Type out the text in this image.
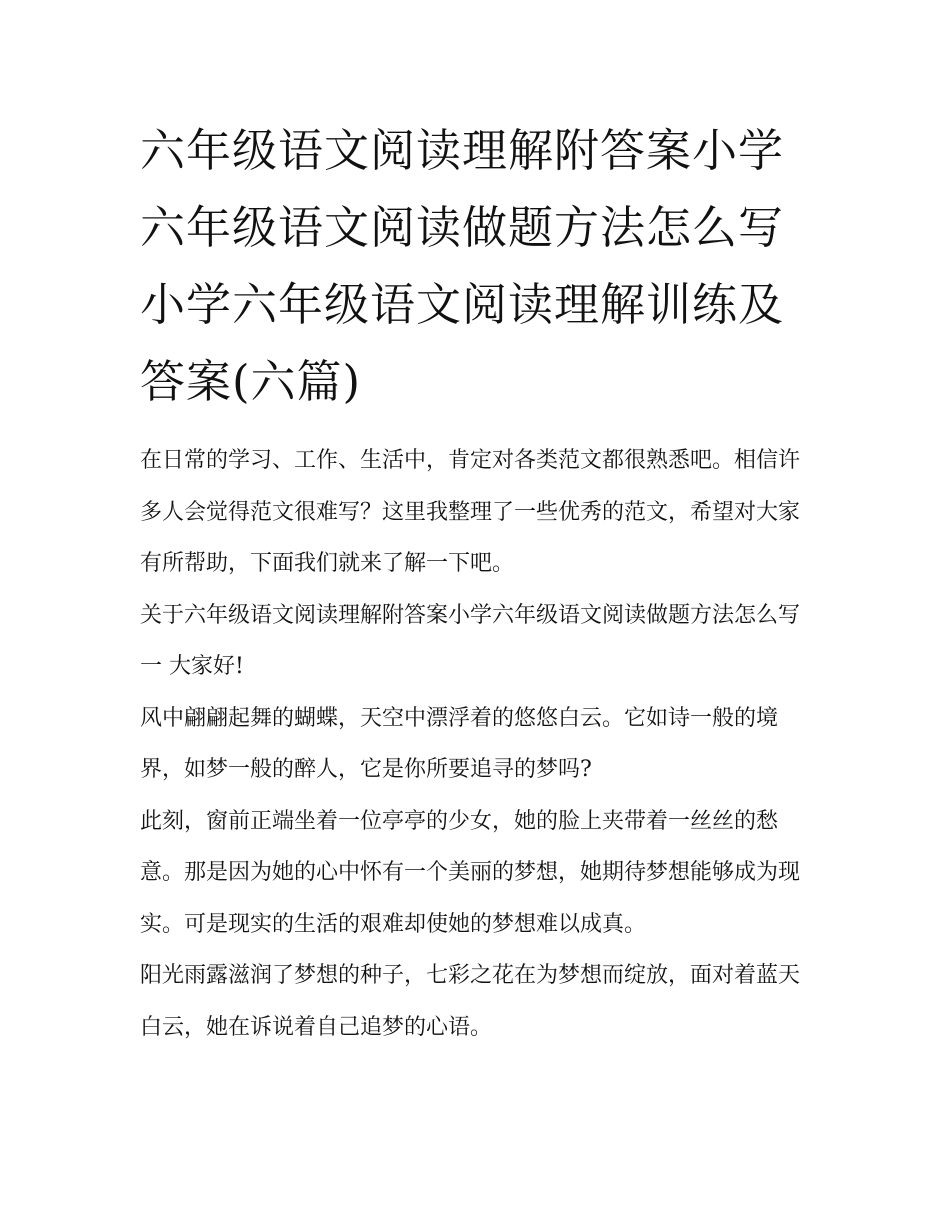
六年级语文阅读理解附答案小学六年级语文阅读做题方法怎么写 小学六年级语文阅读理解训练及答案(六篇)

在日常的学习、工作、生活中，肯定对各类范文都很熟悉吧。相信许多人会觉得范文很难写？这里我整理了一些优秀的范文，希望对大家有所帮助，下面我们就来了解一下吧。

关于六年级语文阅读理解附答案小学六年级语文阅读做题方法怎么写一 大家好!

风中翩翩起舞的蝴蝶，天空中漂浮着的悠悠白云。它如诗一般的境界，如梦一般的醉人，它是你所要追寻的梦吗?

此刻，窗前正端坐着一位亭亭的少女，她的脸上夹带着一丝丝的愁意。那是因为她的心中怀有一个美丽的梦想，她期待梦想能够成为现实。可是现实的生活的艰难却使她的梦想难以成真。

阳光雨露滋润了梦想的种子，七彩之花在为梦想而绽放，面对着蓝天白云，她在诉说着自己追梦的心语。
